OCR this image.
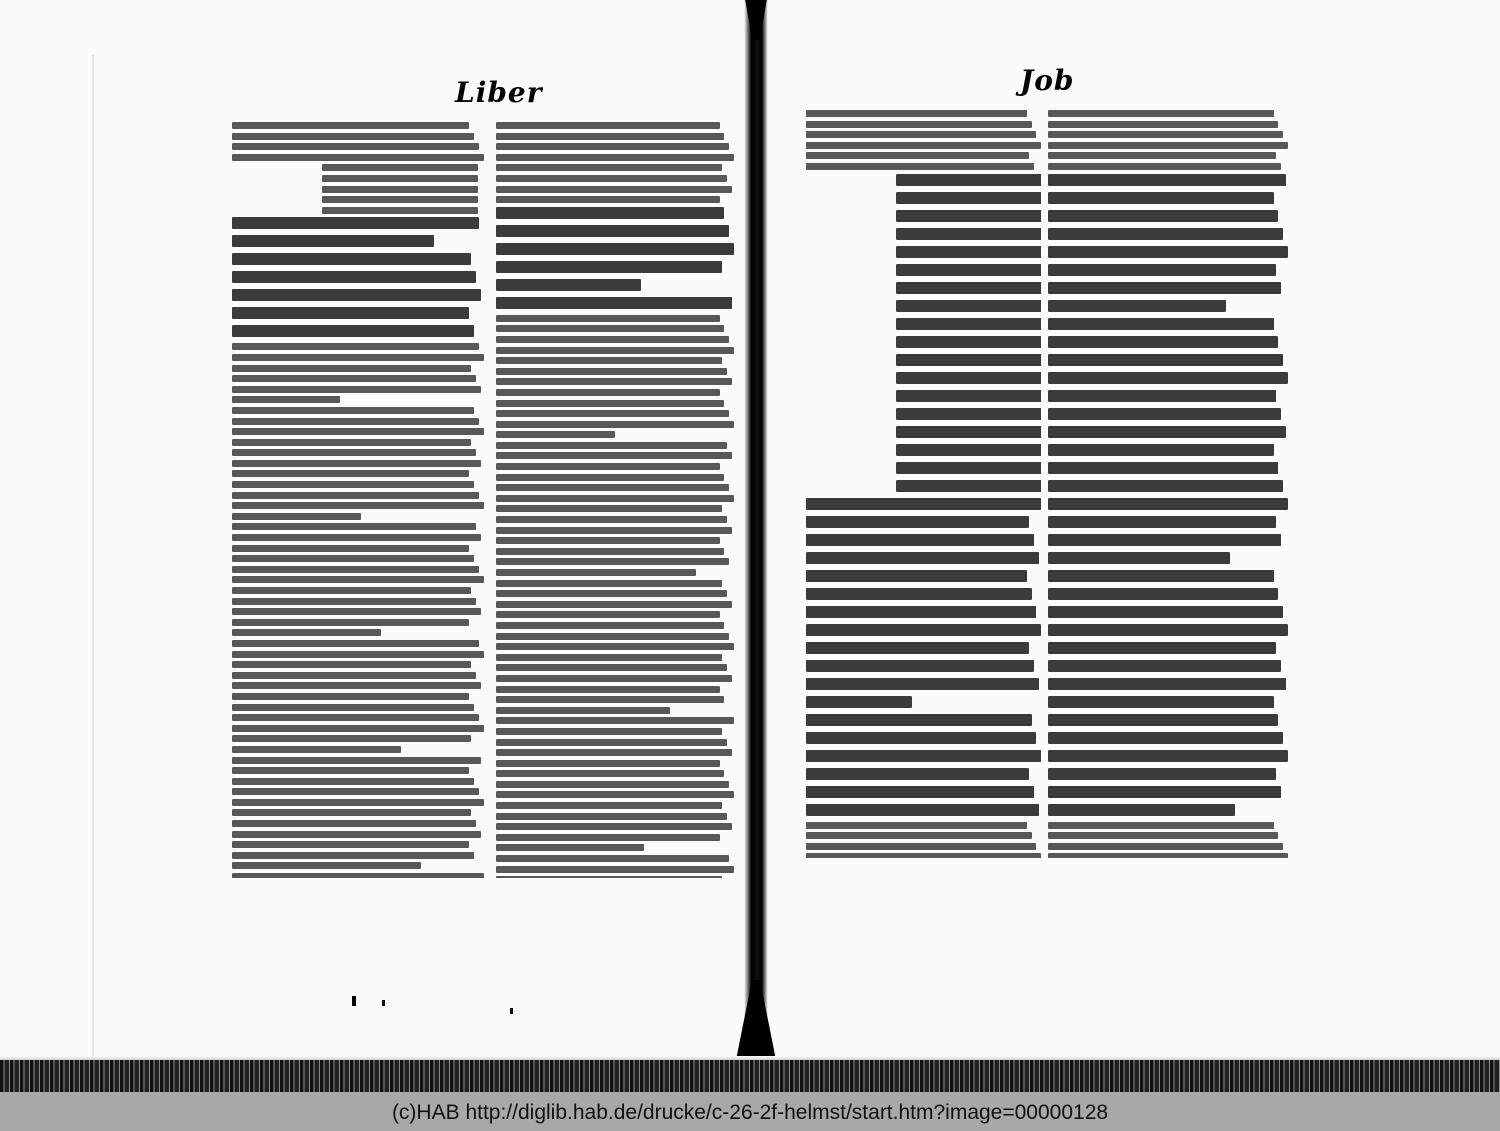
Liber	Job
(c)HAB http://diglib.hab.de/drucke/c-26-2f-helmst/start.htm?image=00000128
